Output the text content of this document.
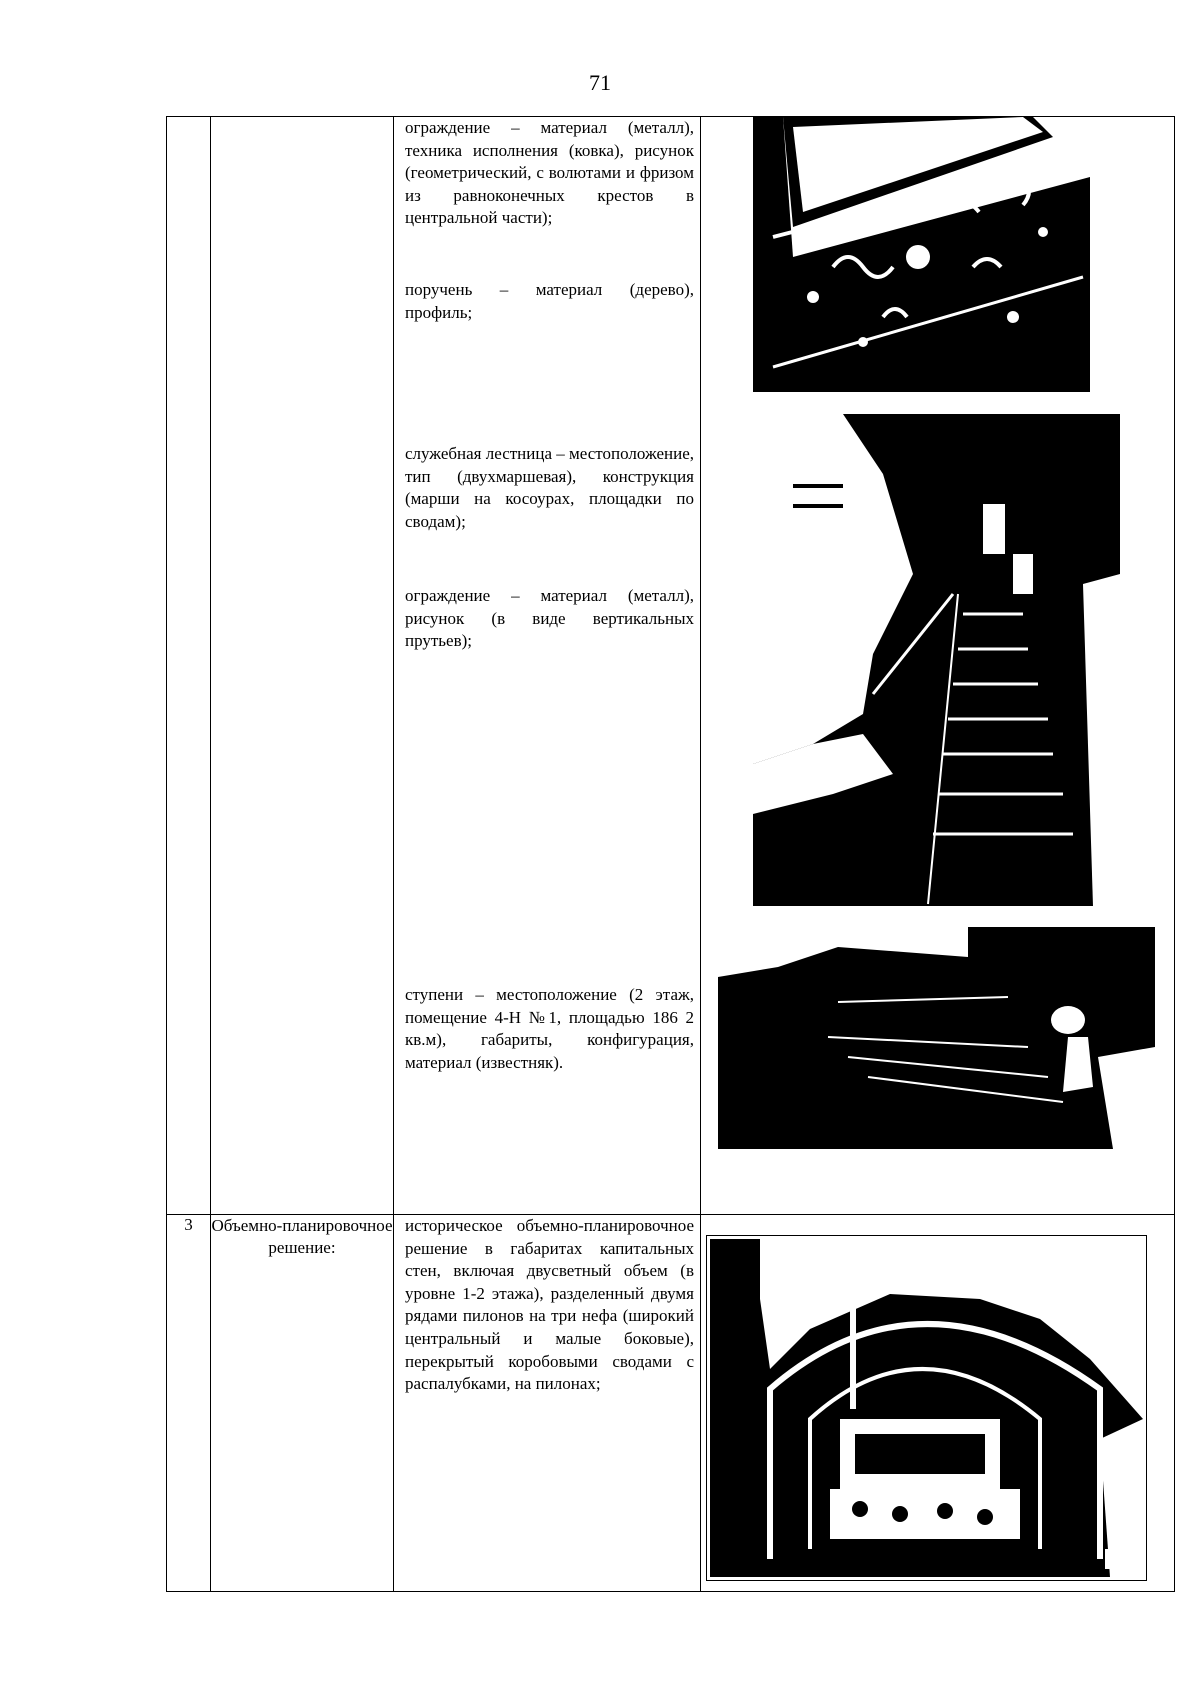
71

		ограждение – материал (металл), техника исполнения (ковка), рисунок (геометрический, с волютами и фризом из равноконечных крестов в центральной части);
поручень – материал (дерево), профиль;
служебная лестница – местоположение, тип (двухмаршевая), конструкция (марши на косоурах, площадки по сводам);
ограждение – материал (металл), рисунок (в виде вертикальных прутьев);
ступени – местоположение (2 этаж, помещение 4-Н №1, площадью 186 2 кв.м), габариты, конфигурация, материал (известняк).

3	Объемно-планировочное решение:	историческое объемно-планировочное решение в габаритах капитальных стен, включая двусветный объем (в уровне 1-2 этажа), разделенный двумя рядами пилонов на три нефа (широкий центральный и малые боковые), перекрытый коробовыми сводами с распалубками, на пилонах;
